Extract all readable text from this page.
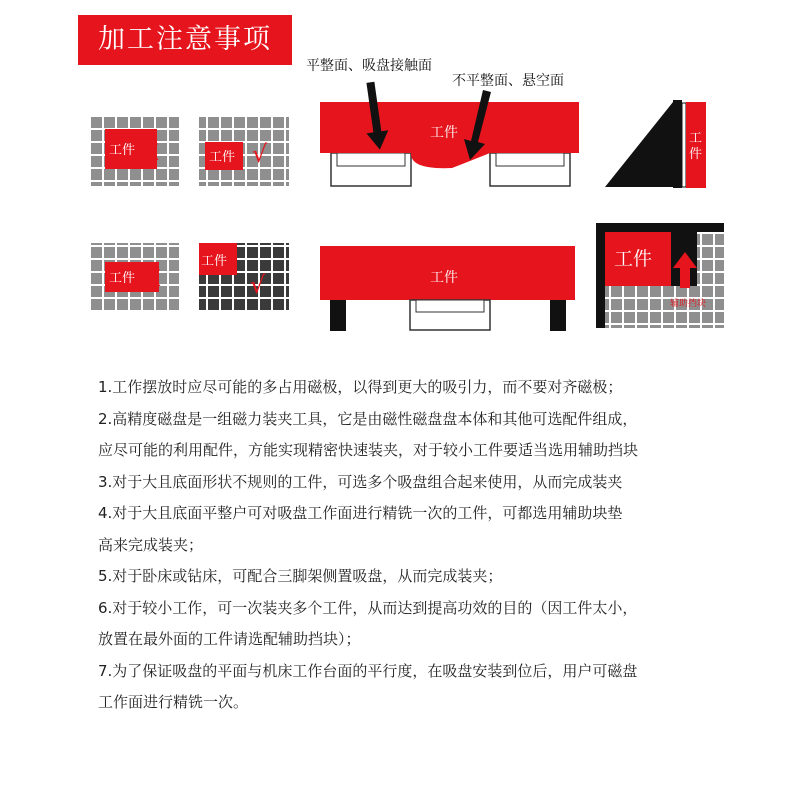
加工注意事项
平整面、吸盘接触面
不平整面、悬空面
工件 X	工件 √
工件	工
件
工件 X
工件
√	工件
工件
辅助挡块

1.工作摆放时应尽可能的多占用磁极，以得到更大的吸引力，而不要对齐磁极；

2.高精度磁盘是一组磁力装夹工具，它是由磁性磁盘盘本体和其他可选配件组成，

应尽可能的利用配件，方能实现精密快速装夹，对于较小工件要适当选用辅助挡块

3.对于大且底面形状不规则的工件，可选多个吸盘组合起来使用，从而完成装夹

4.对于大且底面平整户可对吸盘工作面进行精铣一次的工件，可都选用辅助块垫

高来完成装夹；

5.对于卧床或钻床，可配合三脚架侧置吸盘，从而完成装夹；

6.对于较小工作，可一次装夹多个工件，从而达到提高功效的目的（因工件太小，

放置在最外面的工件请选配辅助挡块）；

7.为了保证吸盘的平面与机床工作台面的平行度，在吸盘安装到位后，用户可磁盘

工作面进行精铣一次。
